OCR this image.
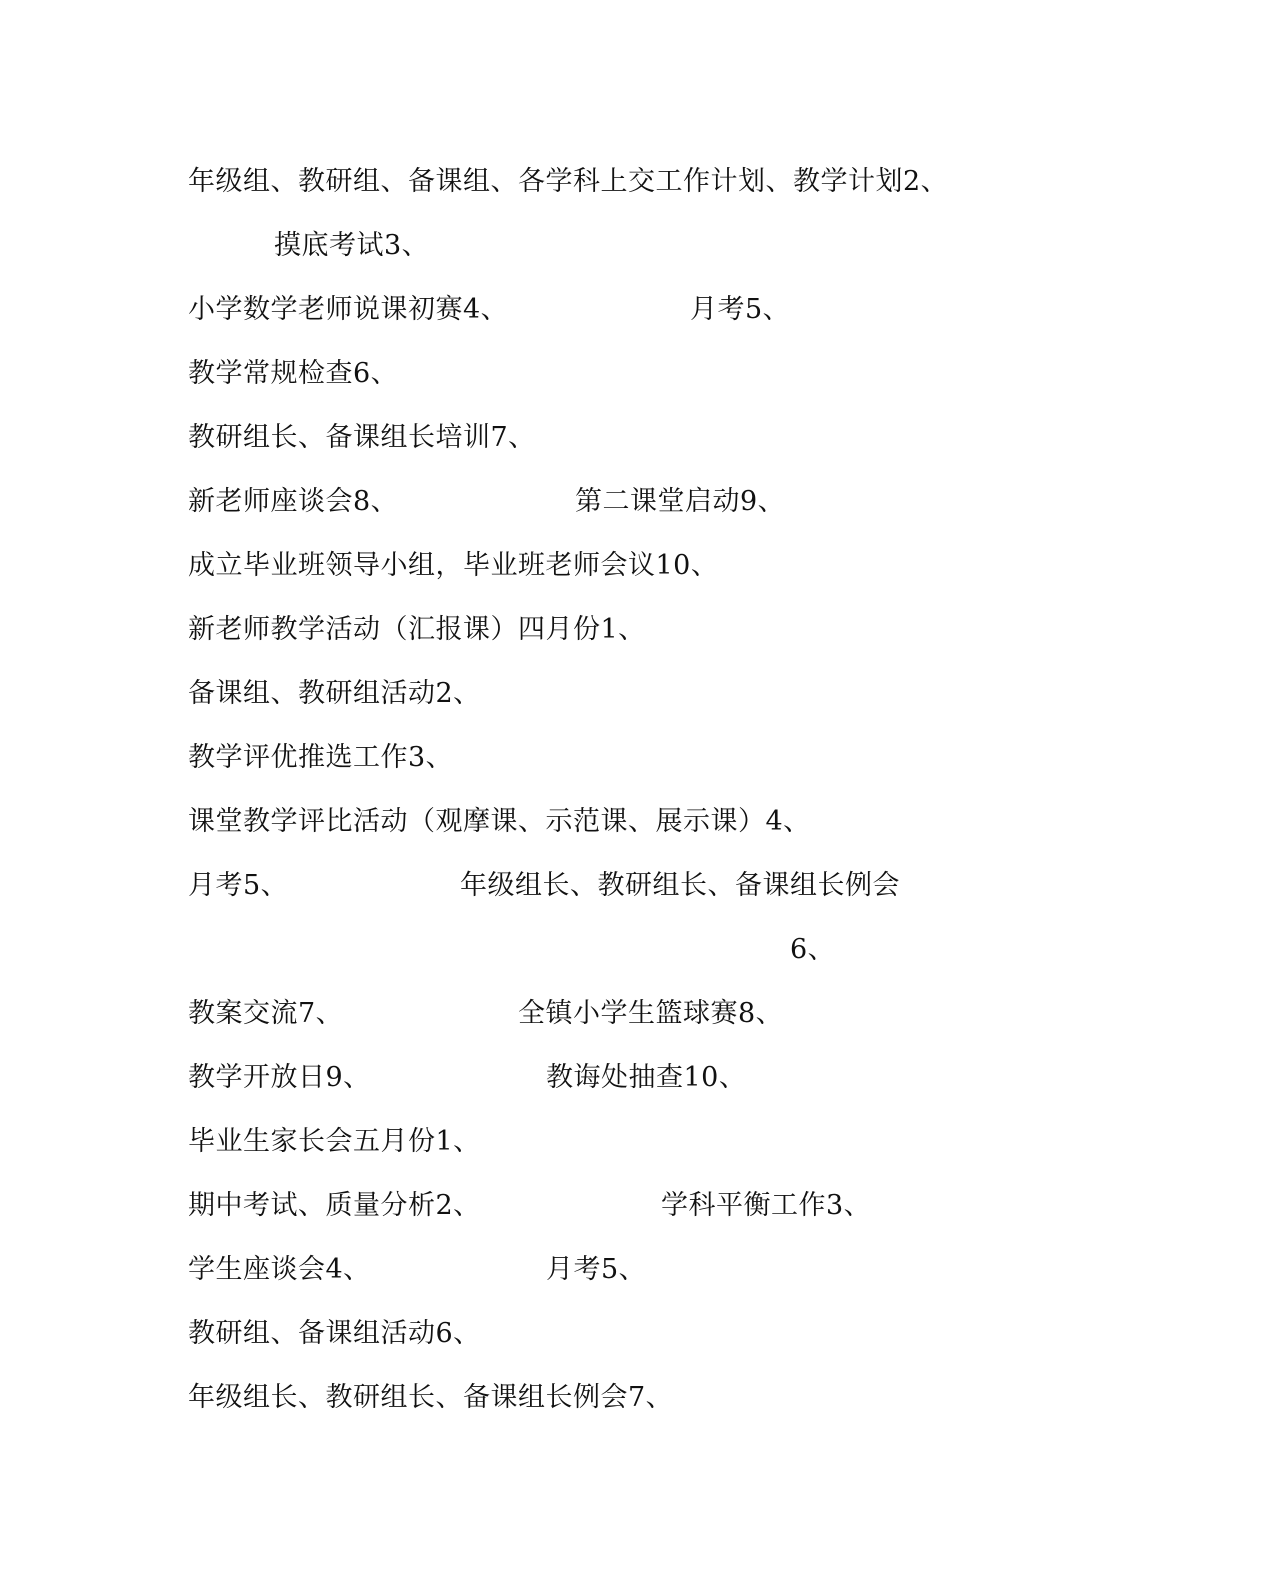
年级组、教研组、备课组、各学科上交工作计划、教学计划2、
摸底考试3、
小学数学老师说课初赛4、	月考5、
教学常规检查6、
教研组长、备课组长培训7、
新老师座谈会8、	第二课堂启动9、
成立毕业班领导小组，毕业班老师会议10、
新老师教学活动（汇报课）四月份1、
备课组、教研组活动2、
教学评优推选工作3、
课堂教学评比活动（观摩课、示范课、展示课）4、
月考5、	年级组长、教研组长、备课组长例会
6、
教案交流7、	全镇小学生篮球赛8、
教学开放日9、	教诲处抽查10、
毕业生家长会五月份1、
期中考试、质量分析2、	学科平衡工作3、
学生座谈会4、	月考5、
教研组、备课组活动6、
年级组长、教研组长、备课组长例会7、
